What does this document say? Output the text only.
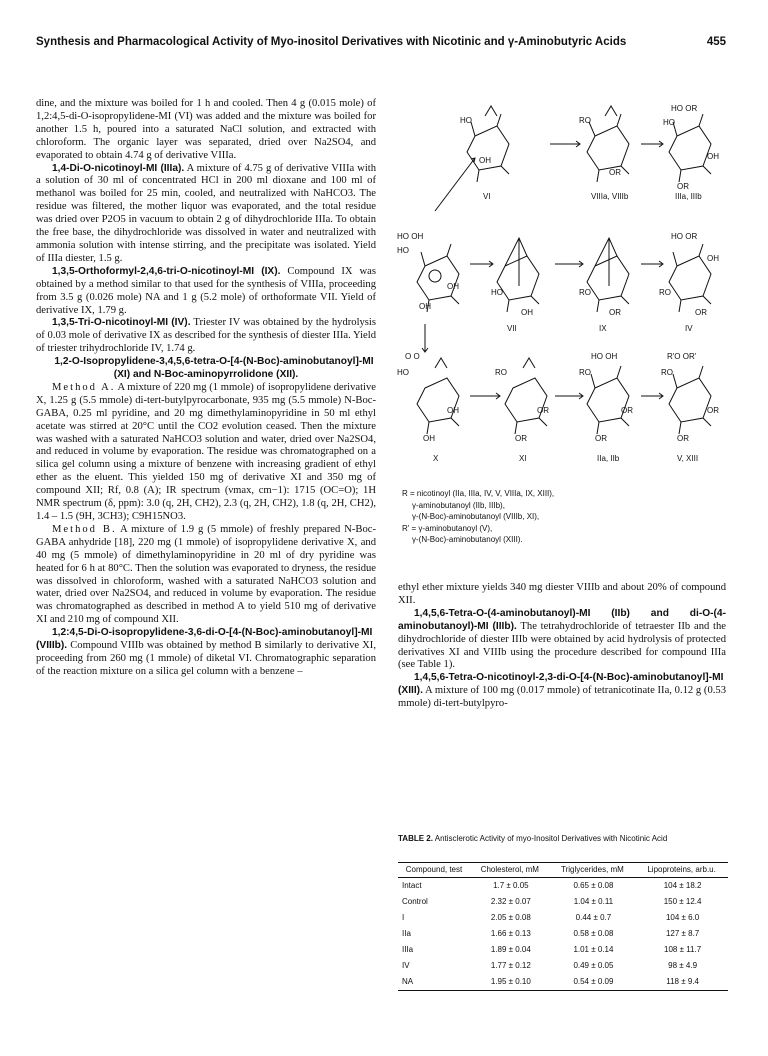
Synthesis and Pharmacological Activity of Myo-inositol Derivatives with Nicotinic and γ-Aminobutyric Acids	455

dine, and the mixture was boiled for 1 h and cooled. Then 4 g (0.015 mole) of 1,2:4,5-di-O-isopropylidene-MI (VI) was added and the mixture was boiled for another 1.5 h, poured into a saturated NaCl solution, and extracted with chloroform. The organic layer was separated, dried over Na2SO4, and evaporated to obtain 4.74 g of derivative VIIIa.

1,4-Di-O-nicotinoyl-MI (IIIa). A mixture of 4.75 g of derivative VIIIa with a solution of 30 ml of concentrated HCl in 200 ml dioxane and 100 ml of methanol was boiled for 25 min, cooled, and neutralized with NaHCO3. The residue was filtered, the mother liquor was evaporated, and the total residue was dried over P2O5 in vacuum to obtain 2 g of dihydrochloride IIIa. To obtain the free base, the dihydrochloride was dissolved in water and neutralized with ammonia solution with intense stirring, and the precipitate was isolated. Yield of IIIa diester, 1.5 g.

1,3,5-Orthoformyl-2,4,6-tri-O-nicotinoyl-MI (IX). Compound IX was obtained by a method similar to that used for the synthesis of VIIIa, proceeding from 3.5 g (0.026 mole) NA and 1 g (5.2 mole) of orthoformate VII. Yield of derivative IX, 1.79 g.

1,3,5-Tri-O-nicotinoyl-MI (IV). Triester IV was obtained by the hydrolysis of 0.03 mole of derivative IX as described for the synthesis of diester IIIa. Yield of triester trihydrochloride IV, 1.74 g.

1,2-O-Isopropylidene-3,4,5,6-tetra-O-[4-(N-Boc)-aminobutanoyl]-MI (XI) and N-Boc-aminopyrrolidone (XII).

Method A. A mixture of 220 mg (1 mmole) of isopropylidene derivative X, 1.25 g (5.5 mmole) di-tert-butylpyrocarbonate, 935 mg (5.5 mmole) N-Boc-GABA, 0.25 ml pyridine, and 20 mg dimethylaminopyridine in 50 ml ethyl acetate was stirred at 20°C until the CO2 evolution ceased. Then the mixture was washed with a saturated NaHCO3 solution and water, dried over Na2SO4, and reduced in volume by evaporation. The residue was chromatographed on a silica gel column using a mixture of benzene with increasing gradient of ethyl ether as the eluent. This yielded 150 mg of derivative XI and 350 mg of compound XII; Rf, 0.8 (A); IR spectrum (νmax, cm−1): 1715 (OC=O); 1H NMR spectrum (δ, ppm): 3.0 (q, 2H, CH2), 2.3 (q, 2H, CH2), 1.8 (q, 2H, CH2), 1.4 – 1.5 (9H, 3CH3); C9H15NO3.

Method B. A mixture of 1.9 g (5 mmole) of freshly prepared N-Boc-GABA anhydride [18], 220 mg (1 mmole) of isopropylidene derivative X, and 40 mg (5 mmole) of dimethylaminopyridine in 20 ml of dry pyridine was heated for 6 h at 80°C. Then the solution was evaporated to dryness, the residue was dissolved in chloroform, washed with a saturated NaHCO3 solution and water, dried over Na2SO4, and reduced in volume by evaporation. The residue was chromatographed as described in method A to yield 510 mg of derivative XI and 210 mg of compound XII.

1,2:4,5-Di-O-isopropylidene-3,6-di-O-[4-(N-Boc)-aminobutanoyl]-MI (VIIIb). Compound VIIIb was obtained by method B similarly to derivative XI, proceeding from 260 mg (1 mmole) of diketal VI. Chromatographic separation of the reaction mixture on a silica gel column with a benzene –

HO
OH
RO
OR
HO OR
HO
OH
OR
HO OH
HO
OH
OH
HO
OH
RO
OR
HO OR
OH
RO
OR
O O
HO
OH
OH
RO
OR
OR
HO OH
RO
OR
OR
R'O OR'
RO
OR
OR
VI	VIIIa, VIIIb	IIIa, IIIb
VII	IX	IV
X	XI	IIa, IIb	V, XIII
R = nicotinoyl (IIa, IIIa, IV, V, VIIIa, IX, XIII),
γ-aminobutanoyl (IIb, IIIb),
γ-(N-Boc)-aminobutanoyl (VIIIb, XI),
R' = γ-aminobutanoyl (V),
γ-(N-Boc)-aminobutanoyl (XIII).

ethyl ether mixture yields 340 mg diester VIIIb and about 20% of compound XII.

1,4,5,6-Tetra-O-(4-aminobutanoyl)-MI (IIb) and di-O-(4-aminobutanoyl)-MI (IIIb). The tetrahydrochloride of tetraester IIb and the dihydrochloride of diester IIIb were obtained by acid hydrolysis of protected derivatives XI and VIIIb using the procedure described for compound IIIa (see Table 1).

1,4,5,6-Tetra-O-nicotinoyl-2,3-di-O-[4-(N-Boc)-aminobutanoyl]-MI (XIII). A mixture of 100 mg (0.017 mmole) of tetranicotinate IIa, 0.12 g (0.53 mmole) di-tert-butylpyro-

TABLE 2. Antisclerotic Activity of myo-Inositol Derivatives with Nicotinic Acid
Compound, test	Cholesterol, mM	Triglycerides, mM	Lipoproteins, arb.u.
Intact	1.7 ± 0.05	0.65 ± 0.08	104 ± 18.2
Control	2.32 ± 0.07	1.04 ± 0.11	150 ± 12.4
I	2.05 ± 0.08	0.44 ± 0.7	104 ± 6.0
IIa	1.66 ± 0.13	0.58 ± 0.08	127 ± 8.7
IIIa	1.89 ± 0.04	1.01 ± 0.14	108 ± 11.7
IV	1.77 ± 0.12	0.49 ± 0.05	98 ± 4.9
NA	1.95 ± 0.10	0.54 ± 0.09	118 ± 9.4
